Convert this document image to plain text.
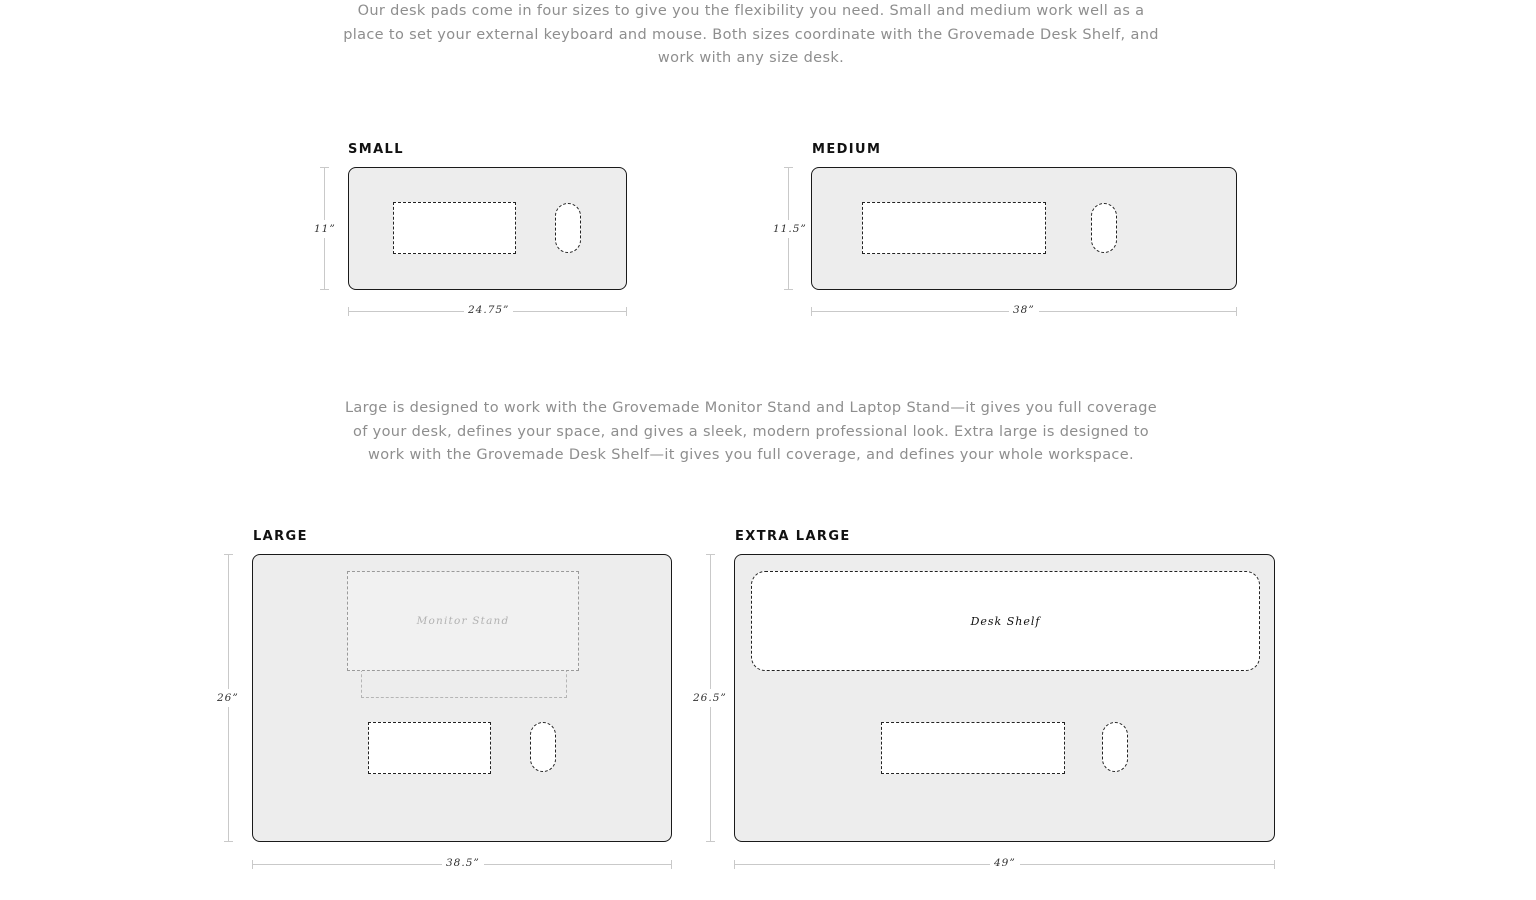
Our desk pads come in four sizes to give you the flexibility you need. Small and medium work well as a place to set your external keyboard and mouse. Both sizes coordinate with the Grovemade Desk Shelf, and work with any size desk.

SMALL
11”
24.75”
MEDIUM
11.5”
38”

Large is designed to work with the Grovemade Monitor Stand and Laptop Stand—it gives you full coverage of your desk, defines your space, and gives a sleek, modern professional look. Extra large is designed to work with the Grovemade Desk Shelf—it gives you full coverage, and defines your whole workspace.

LARGE
Monitor Stand
26”
38.5”
EXTRA LARGE
Desk Shelf
26.5”
49”
